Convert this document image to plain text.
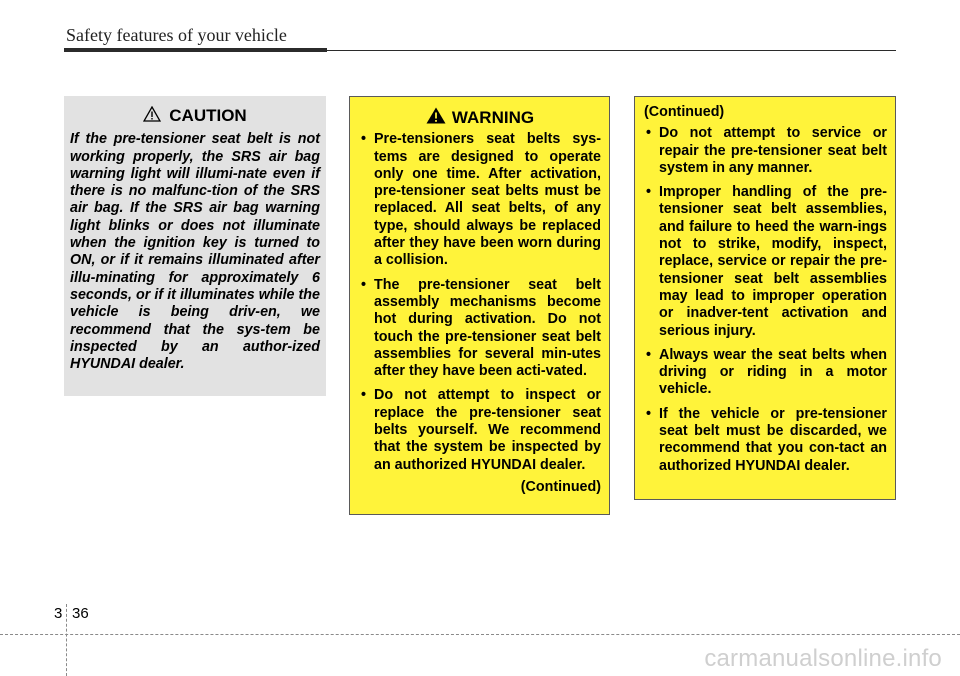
Safety features of your vehicle
CAUTION

If the pre-tensioner seat belt is not working properly, the SRS air bag warning light will illumi-nate even if there is no malfunc-tion of the SRS air bag. If the SRS air bag warning light blinks or does not illuminate when the ignition key is turned to ON, or if it remains illuminated after illu-minating for approximately 6 seconds, or if it illuminates while the vehicle is being driv-en, we recommend that the sys-tem be inspected by an author-ized HYUNDAI dealer.

WARNING
• Pre-tensioners seat belts sys-tems are designed to operate only one time. After activation, pre-tensioner seat belts must be replaced. All seat belts, of any type, should always be replaced after they have been worn during a collision.
• The pre-tensioner seat belt assembly mechanisms become hot during activation. Do not touch the pre-tensioner seat belt assemblies for several min-utes after they have been acti-vated.
• Do not attempt to inspect or replace the pre-tensioner seat belts yourself. We recommend that the system be inspected by an authorized HYUNDAI dealer.
(Continued)
(Continued)
• Do not attempt to service or repair the pre-tensioner seat belt system in any manner.
• Improper handling of the pre-tensioner seat belt assemblies, and failure to heed the warn-ings not to strike, modify, inspect, replace, service or repair the pre-tensioner seat belt assemblies may lead to improper operation or inadver-tent activation and serious injury.
• Always wear the seat belts when driving or riding in a motor vehicle.
• If the vehicle or pre-tensioner seat belt must be discarded, we recommend that you con-tact an authorized HYUNDAI dealer.
3 36
carmanualsonline.info
